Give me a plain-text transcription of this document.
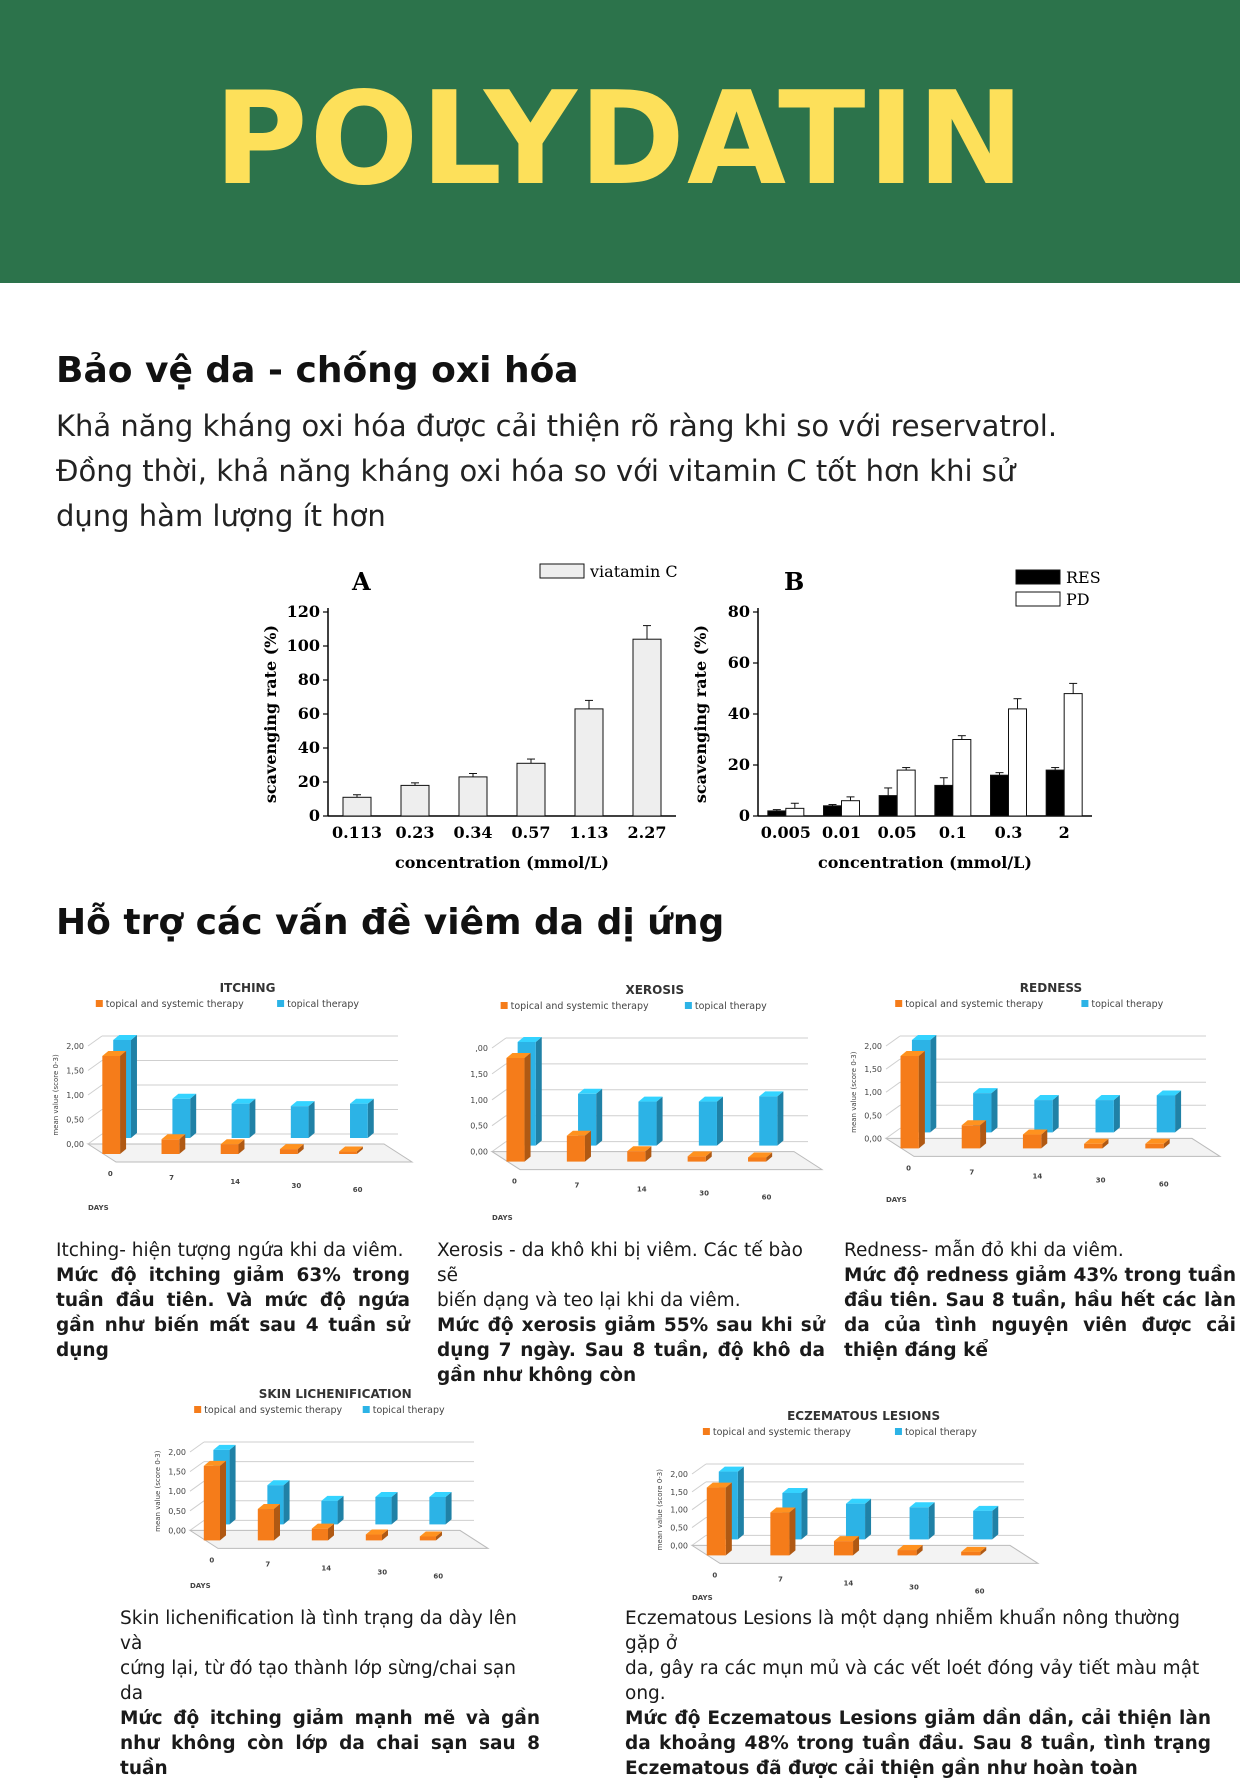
POLYDATIN
Bảo vệ da - chống oxi hóa

Khả năng kháng oxi hóa được cải thiện rõ ràng khi so với reservatrol.

Đồng thời, khả năng kháng oxi hóa so với vitamin C tốt hơn khi sử dụng hàm lượng ít hơn

0
20
40
60
80
100
120
0.113 0.23 0.34 0.57 1.13 2.27
A
concentration (mmol/L)
scavenging rate (%)
viatamin C
0
20
40
60
80
0.005 0.01 0.05 0.1 0.3 2
B
concentration (mmol/L)
scavenging rate (%)
RES
PD
Hỗ trợ các vấn đề viêm da dị ứng
ITCHING
topical and systemic therapy	topical therapy
0,00
0,50
1,00
1,50
2,00
mean value (score 0-3)
0	7	14	30	60
DAYS
XEROSIS
topical and systemic therapy	topical therapy
0,00
0,50
1,00
1,50
,00
0	7	14	30	60
DAYS
REDNESS
topical and systemic therapy	topical therapy
0,00
0,50
1,00
1,50
2,00
mean value (score 0-3)
0	7	14	30	60
DAYS
SKIN LICHENIFICATION
topical and systemic therapy	topical therapy
0,00
0,50
1,00
1,50
2,00
mean value (score 0-3)
0	7	14	30	60
DAYS
ECZEMATOUS LESIONS
topical and systemic therapy	topical therapy
0,00
0,50
1,00
1,50
2,00
mean value (score 0-3)
0	7	14	30	60
DAYS

Itching- hiện tượng ngứa khi da viêm.

Mức độ itching giảm 63% trong tuần đầu tiên. Và mức độ ngứa gần như biến mất sau 4 tuần sử dụng

Xerosis - da khô khi bị viêm. Các tế bào sẽ

biến dạng và teo lại khi da viêm.

Mức độ xerosis giảm 55% sau khi sử dụng 7 ngày. Sau 8 tuần, độ khô da gần như không còn

Redness- mẫn đỏ khi da viêm.

Mức độ redness giảm 43% trong tuần đầu tiên. Sau 8 tuần, hầu hết các làn da của tình nguyện viên được cải thiện đáng kể

Skin lichenification là tình trạng da dày lên và

cứng lại, từ đó tạo thành lớp sừng/chai sạn da

Mức độ itching giảm mạnh mẽ và gần như không còn lớp da chai sạn sau 8 tuần

Eczematous Lesions là một dạng nhiễm khuẩn nông thường gặp ở

da, gây ra các mụn mủ và các vết loét đóng vảy tiết màu mật ong.

Mức độ Eczematous Lesions giảm dần dần, cải thiện làn da khoảng 48% trong tuần đầu. Sau 8 tuần, tình trạng Eczematous đã được cải thiện gần như hoàn toàn
